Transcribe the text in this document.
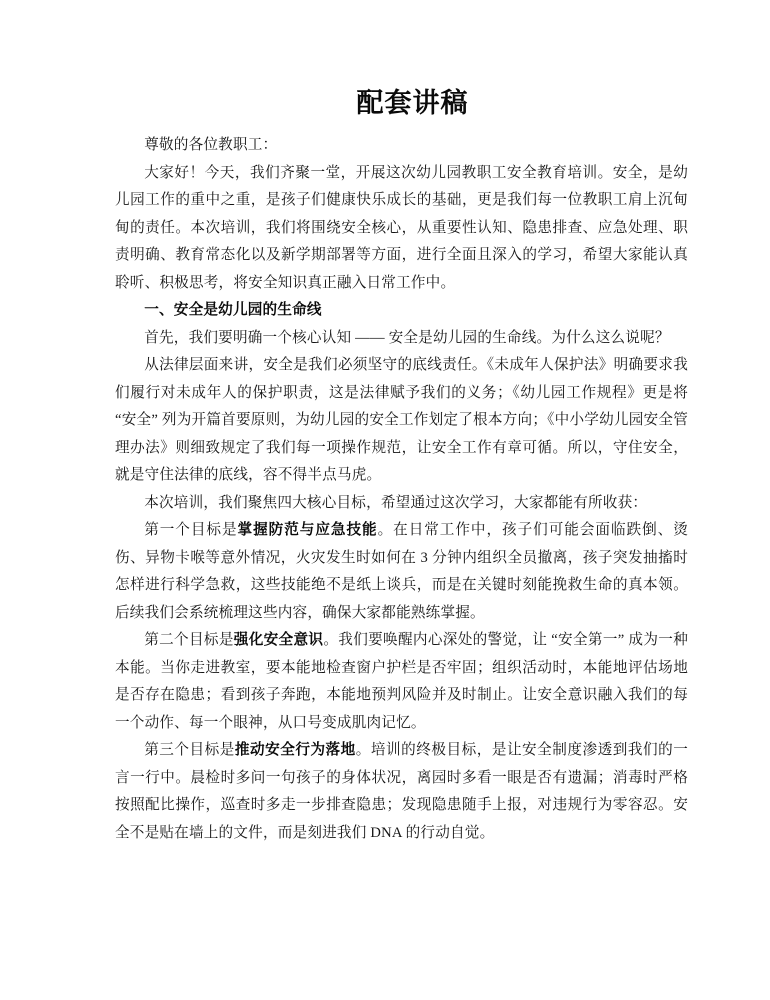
配套讲稿

尊敬的各位教职工：

大家好！今天，我们齐聚一堂，开展这次幼儿园教职工安全教育培训。安全，是幼儿园工作的重中之重，是孩子们健康快乐成长的基础，更是我们每一位教职工肩上沉甸甸的责任。本次培训，我们将围绕安全核心，从重要性认知、隐患排查、应急处理、职责明确、教育常态化以及新学期部署等方面，进行全面且深入的学习，希望大家能认真聆听、积极思考，将安全知识真正融入日常工作中。

一、安全是幼儿园的生命线

首先，我们要明确一个核心认知 —— 安全是幼儿园的生命线。为什么这么说呢？

从法律层面来讲，安全是我们必须坚守的底线责任。《未成年人保护法》明确要求我们履行对未成年人的保护职责，这是法律赋予我们的义务；《幼儿园工作规程》更是将 “安全” 列为开篇首要原则，为幼儿园的安全工作划定了根本方向；《中小学幼儿园安全管理办法》则细致规定了我们每一项操作规范，让安全工作有章可循。所以，守住安全，就是守住法律的底线，容不得半点马虎。

本次培训，我们聚焦四大核心目标，希望通过这次学习，大家都能有所收获：

第一个目标是掌握防范与应急技能。在日常工作中，孩子们可能会面临跌倒、烫伤、异物卡喉等意外情况，火灾发生时如何在 3 分钟内组织全员撤离，孩子突发抽搐时怎样进行科学急救，这些技能绝不是纸上谈兵，而是在关键时刻能挽救生命的真本领。后续我们会系统梳理这些内容，确保大家都能熟练掌握。

第二个目标是强化安全意识。我们要唤醒内心深处的警觉，让 “安全第一” 成为一种本能。当你走进教室，要本能地检查窗户护栏是否牢固；组织活动时，本能地评估场地是否存在隐患；看到孩子奔跑，本能地预判风险并及时制止。让安全意识融入我们的每一个动作、每一个眼神，从口号变成肌肉记忆。

第三个目标是推动安全行为落地。培训的终极目标，是让安全制度渗透到我们的一言一行中。晨检时多问一句孩子的身体状况，离园时多看一眼是否有遗漏；消毒时严格按照配比操作，巡查时多走一步排查隐患；发现隐患随手上报，对违规行为零容忍。安全不是贴在墙上的文件，而是刻进我们 DNA 的行动自觉。
